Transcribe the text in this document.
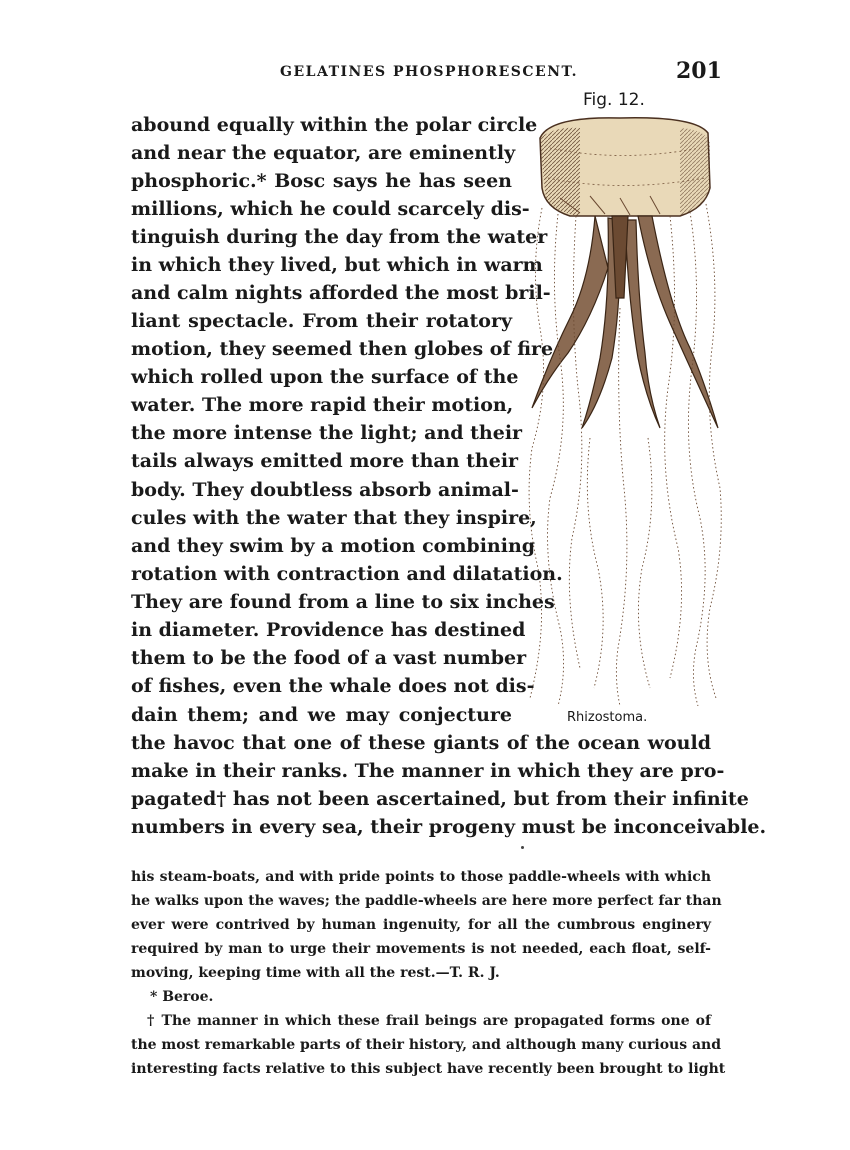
GELATINES PHOSPHORESCENT.	201
Fig. 12.
Rhizostoma.
abound equally within the polar circle
and near the equator, are eminently
phosphoric.* Bosc says he has seen
millions, which he could scarcely dis-
tinguish during the day from the water
in which they lived, but which in warm
and calm nights afforded the most bril-
liant spectacle. From their rotatory
motion, they seemed then globes of fire
which rolled upon the surface of the
water. The more rapid their motion,
the more intense the light; and their
tails always emitted more than their
body. They doubtless absorb animal-
cules with the water that they inspire,
and they swim by a motion combining
rotation with contraction and dilatation.
They are found from a line to six inches
in diameter. Providence has destined
them to be the food of a vast number
of fishes, even the whale does not dis-
dain them; and we may conjecture
the havoc that one of these giants of the ocean would
make in their ranks. The manner in which they are pro-
pagated† has not been ascertained, but from their infinite
numbers in every sea, their progeny must be inconceivable.
his steam-boats, and with pride points to those paddle-wheels with which
he walks upon the waves; the paddle-wheels are here more perfect far than
ever were contrived by human ingenuity, for all the cumbrous enginery
required by man to urge their movements is not needed, each float, self-
moving, keeping time with all the rest.—T. R. J.
* Beroe.
† The manner in which these frail beings are propagated forms one of
the most remarkable parts of their history, and although many curious and
interesting facts relative to this subject have recently been brought to light
